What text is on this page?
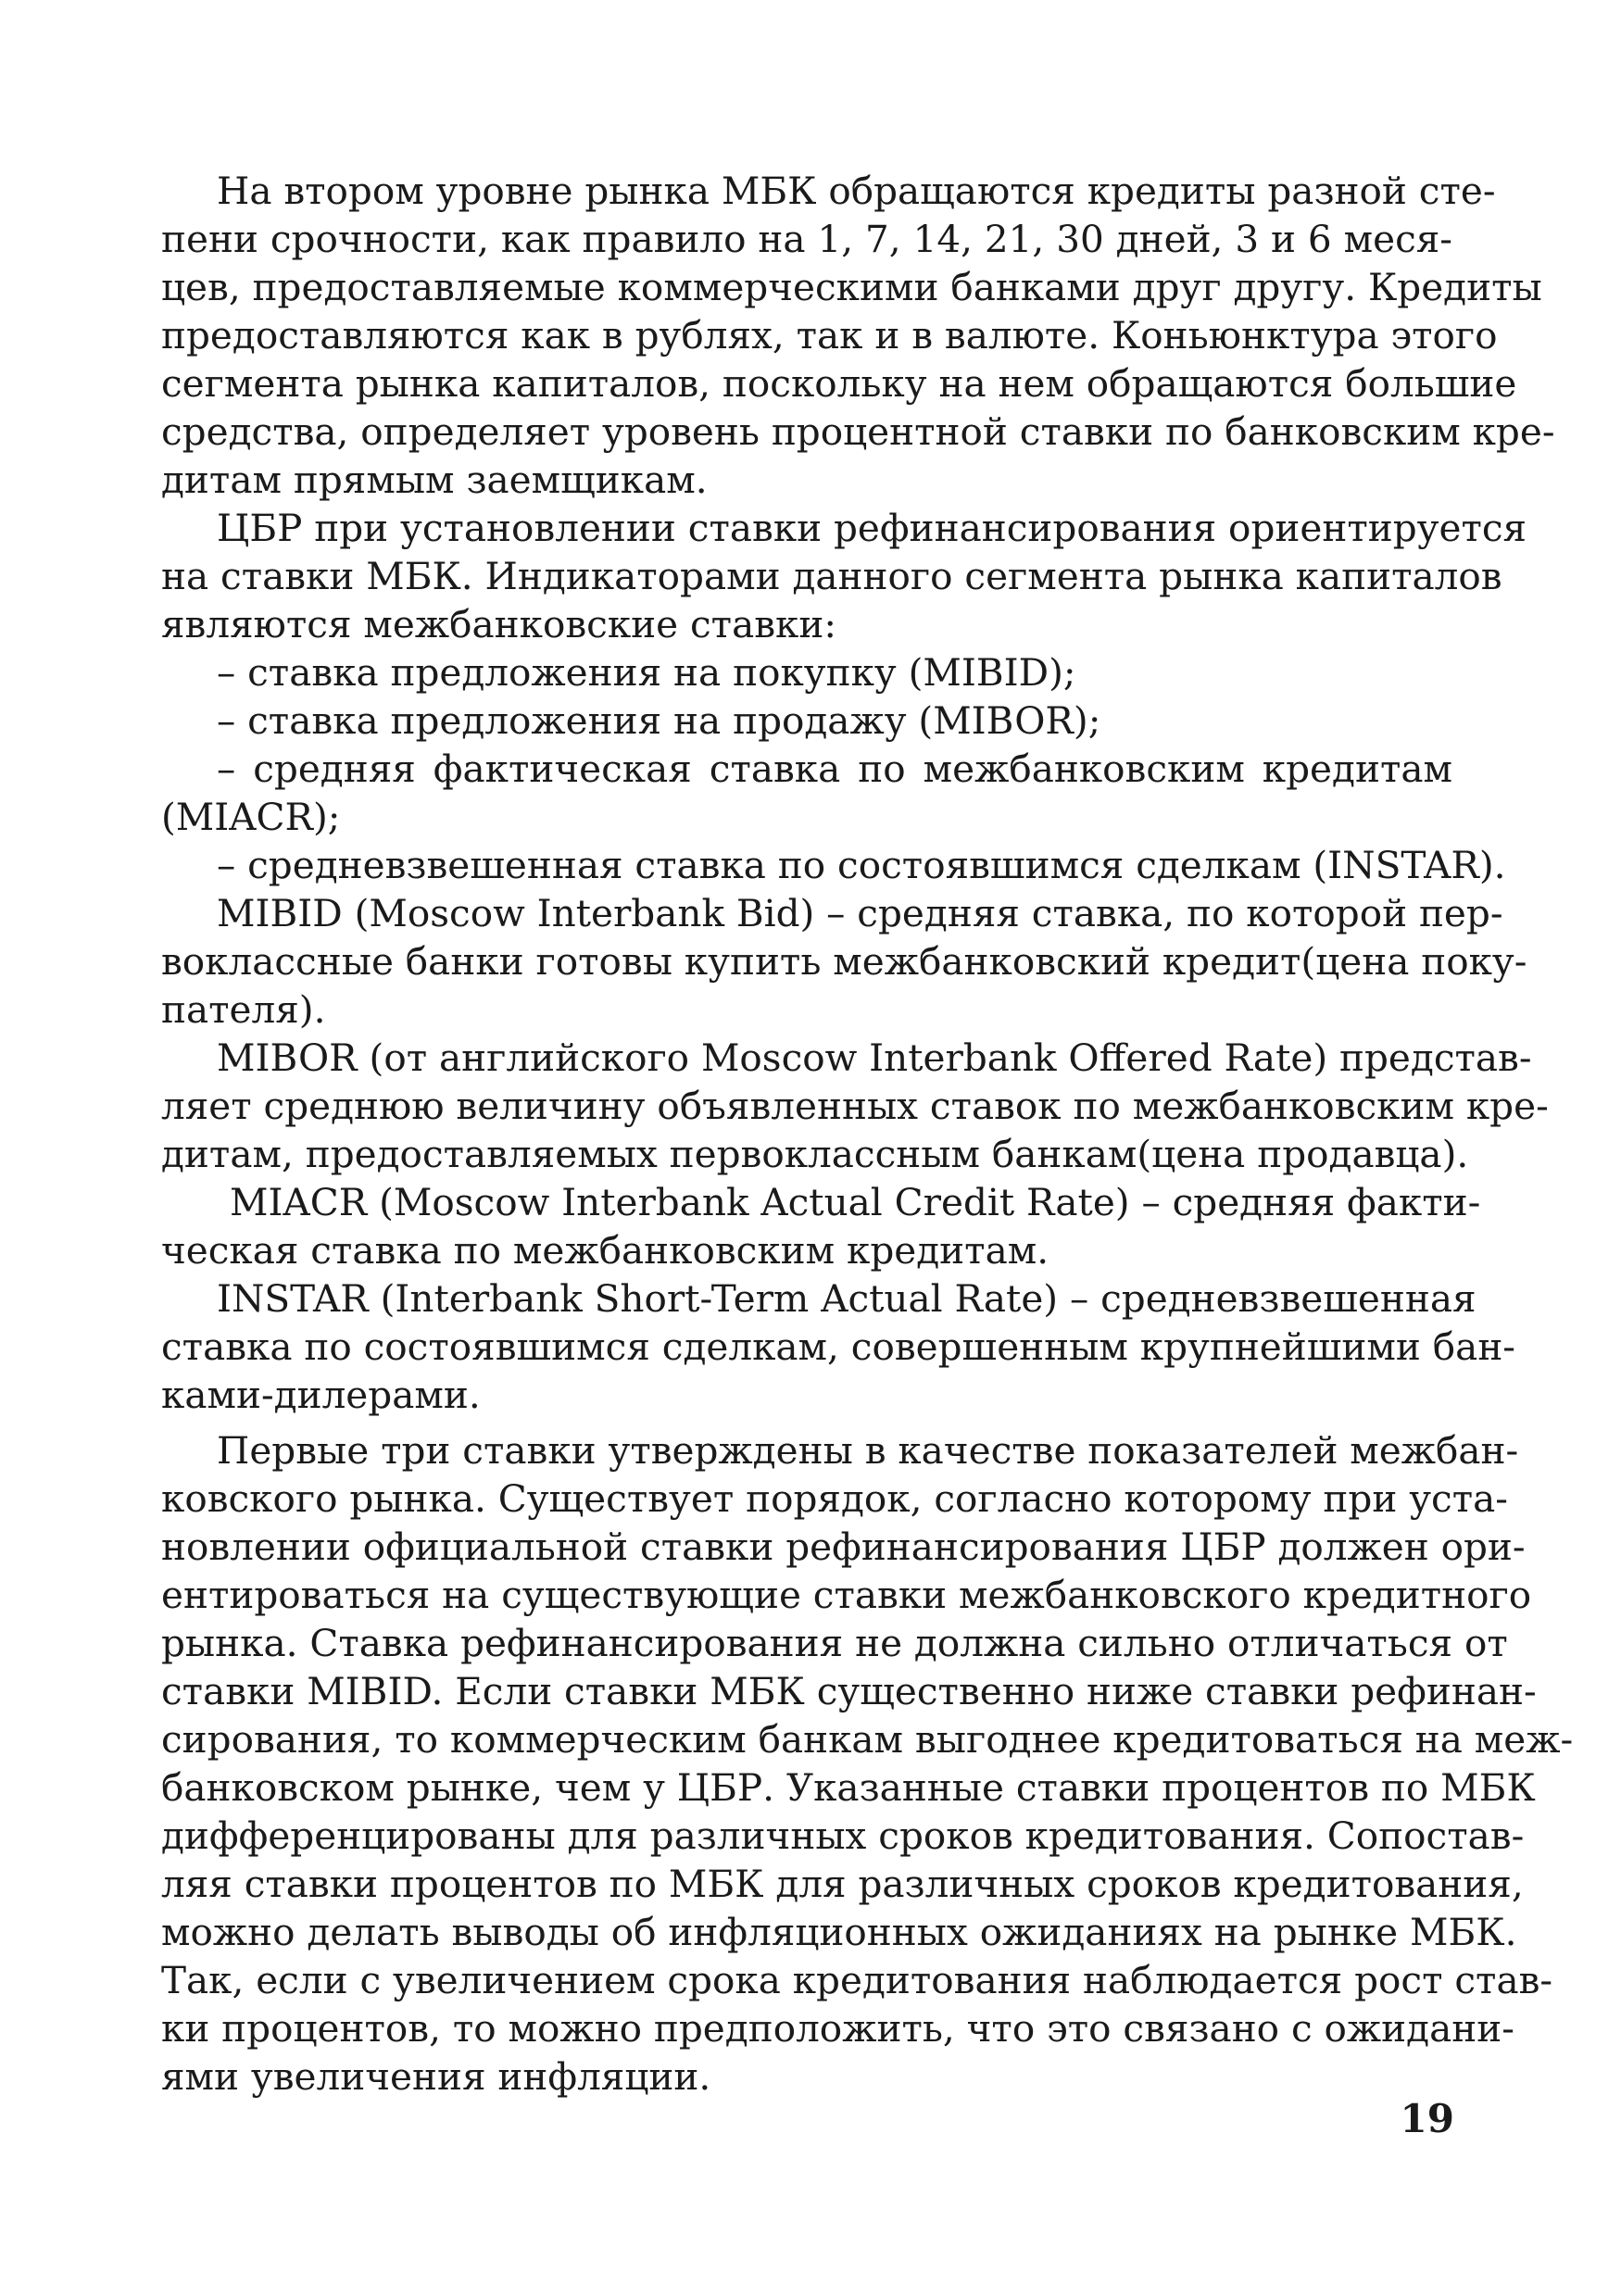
На втором уровне рынка МБК обращаются кредиты разной сте-

пени срочности, как правило на 1, 7, 14, 21, 30 дней, 3 и 6 меся-

цев, предоставляемые коммерческими банками друг другу. Кредиты

предоставляются как в рублях, так и в валюте. Коньюнктура этого

сегмента рынка капиталов, поскольку на нем обращаются большие

средства, определяет уровень процентной ставки по банковским кре-

дитам прямым заемщикам.

ЦБР при установлении ставки рефинансирования ориентируется

на ставки МБК. Индикаторами данного сегмента рынка капиталов

являются межбанковские ставки:

– ставка предложения на покупку (MIBID);

– ставка предложения на продажу (MIBOR);

– средняя фактическая ставка по межбанковским кредитам

(MIACR);

– средневзвешенная ставка по состоявшимся сделкам (INSTAR).

MIBID (Moscow Interbank Bid) – средняя ставка, по которой пер-

воклассные банки готовы купить межбанковский кредит(цена поку-

пателя).

MIBOR (от английского Moscow Interbank Offered Rate) представ-

ляет среднюю величину объявленных ставок по межбанковским кре-

дитам, предоставляемых первоклассным банкам(цена продавца).

MIACR (Moscow Interbank Actual Credit Rate) – средняя факти-

ческая ставка по межбанковским кредитам.

INSTAR (Interbank Short-Term Actual Rate) – средневзвешенная

ставка по состоявшимся сделкам, совершенным крупнейшими бан-

ками-дилерами.

Первые три ставки утверждены в качестве показателей межбан-

ковского рынка. Существует порядок, согласно которому при уста-

новлении официальной ставки рефинансирования ЦБР должен ори-

ентироваться на существующие ставки межбанковского кредитного

рынка. Ставка рефинансирования не должна сильно отличаться от

ставки MIBID. Если ставки МБК существенно ниже ставки рефинан-

сирования, то коммерческим банкам выгоднее кредитоваться на меж-

банковском рынке, чем у ЦБР. Указанные ставки процентов по МБК

дифференцированы для различных сроков кредитования. Сопостав-

ляя ставки процентов по МБК для различных сроков кредитования,

можно делать выводы об инфляционных ожиданиях на рынке МБК.

Так, если с увеличением срока кредитования наблюдается рост став-

ки процентов, то можно предположить, что это связано с ожидани-

ями увеличения инфляции.

19
